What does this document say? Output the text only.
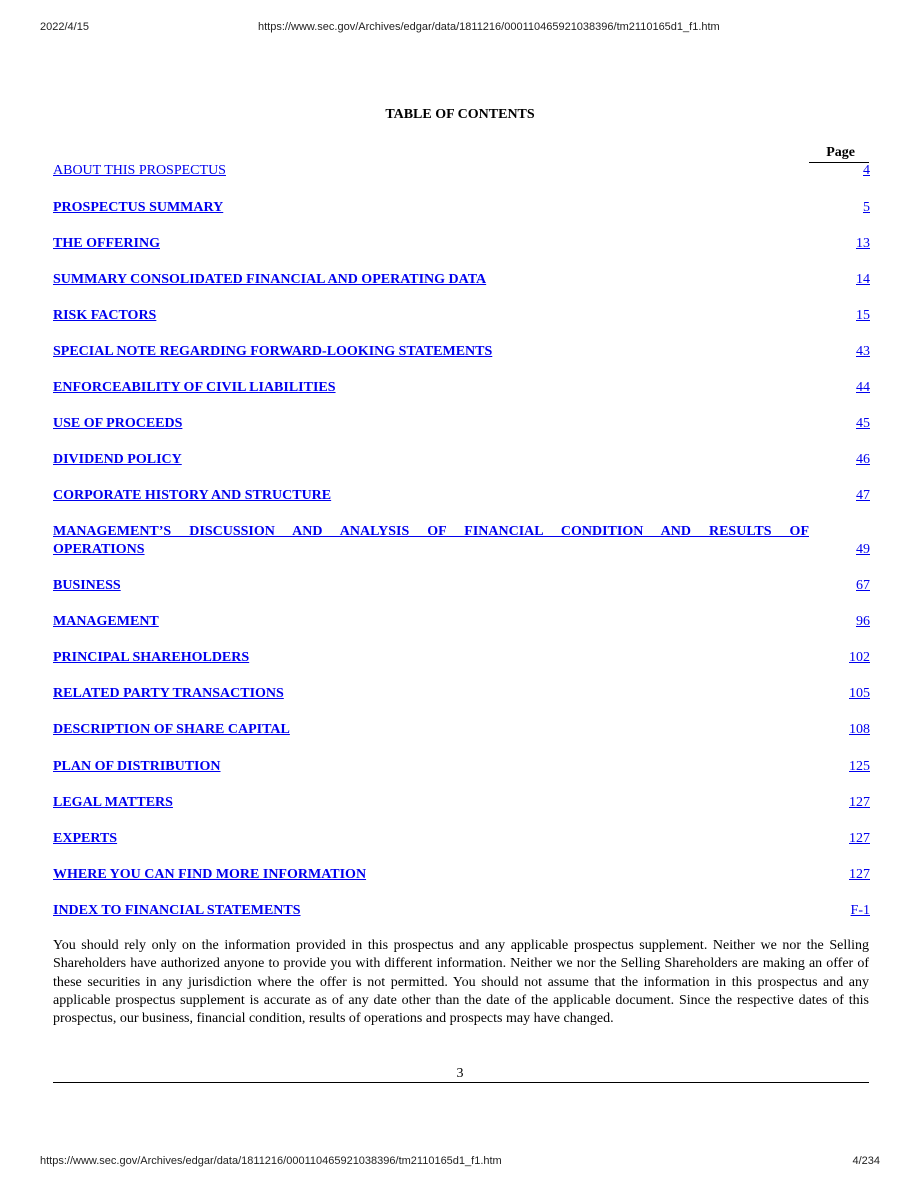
2022/4/15	https://www.sec.gov/Archives/edgar/data/1811216/000110465921038396/tm2110165d1_f1.htm
TABLE OF CONTENTS
Page
ABOUT THIS PROSPECTUS	4
PROSPECTUS SUMMARY	5
THE OFFERING	13
SUMMARY CONSOLIDATED FINANCIAL AND OPERATING DATA	14
RISK FACTORS	15
SPECIAL NOTE REGARDING FORWARD-LOOKING STATEMENTS	43
ENFORCEABILITY OF CIVIL LIABILITIES	44
USE OF PROCEEDS	45
DIVIDEND POLICY	46
CORPORATE HISTORY AND STRUCTURE	47
MANAGEMENT’S DISCUSSION AND ANALYSIS OF FINANCIAL CONDITION AND RESULTS OF
OPERATIONS	49
BUSINESS	67
MANAGEMENT	96
PRINCIPAL SHAREHOLDERS	102
RELATED PARTY TRANSACTIONS	105
DESCRIPTION OF SHARE CAPITAL	108
PLAN OF DISTRIBUTION	125
LEGAL MATTERS	127
EXPERTS	127
WHERE YOU CAN FIND MORE INFORMATION	127
INDEX TO FINANCIAL STATEMENTS	F-1
You should rely only on the information provided in this prospectus and any applicable prospectus supplement. Neither we nor the Selling Shareholders have authorized anyone to provide you with different information. Neither we nor the Selling Shareholders are making an offer of these securities in any jurisdiction where the offer is not permitted. You should not assume that the information in this prospectus and any applicable prospectus supplement is accurate as of any date other than the date of the applicable document. Since the respective dates of this prospectus, our business, financial condition, results of operations and prospects may have changed.
3
https://www.sec.gov/Archives/edgar/data/1811216/000110465921038396/tm2110165d1_f1.htm	4/234
